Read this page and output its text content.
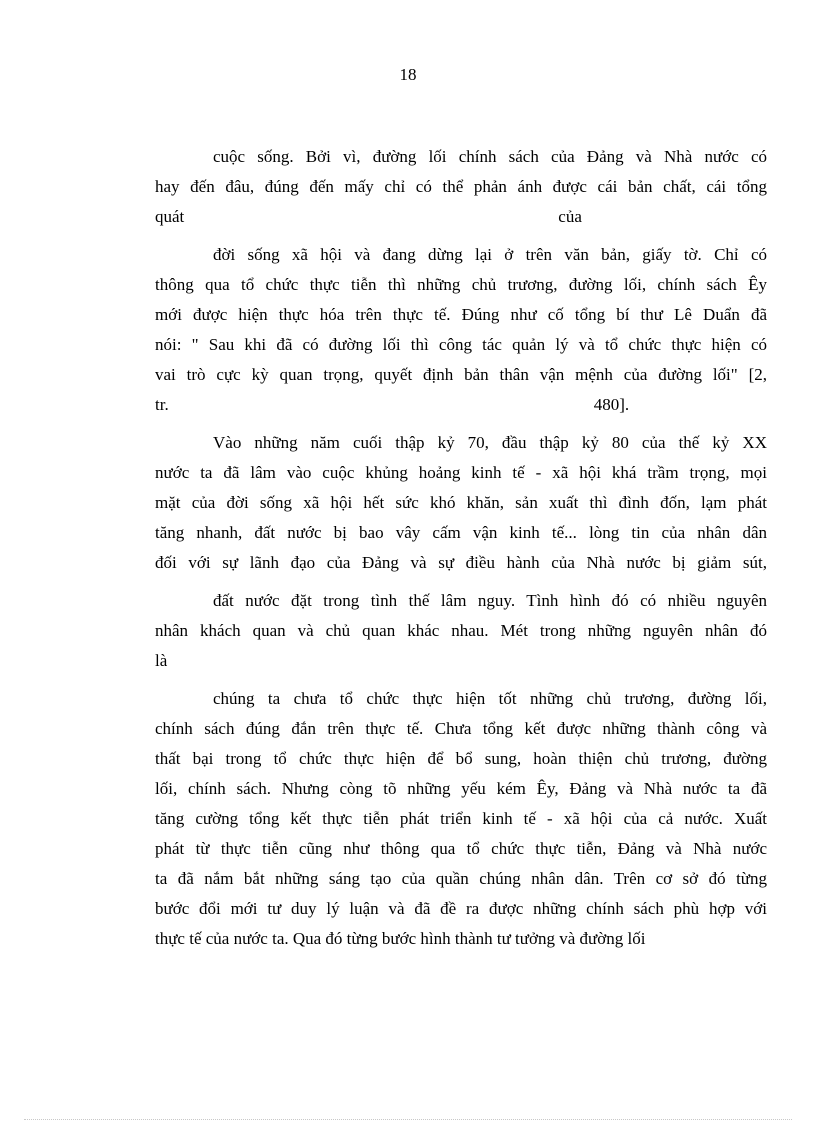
18

cuộc sống. Bởi vì, đường lối chính sách của Đảng và Nhà nước có
hay đến đâu, đúng đến mấy chỉ có thể phản ánh được cái bản chất, cái tổng
quát                                                                                        của

đời sống xã hội và đang dừng lại ở trên văn bản, giấy tờ. Chỉ có
thông qua tổ chức thực tiễn thì những chủ trương, đường lối, chính sách Êy
mới được hiện thực hóa trên thực tế. Đúng như cố tổng bí thư Lê Duẩn đã
nói: " Sau khi đã có đường lối thì công tác quản lý và tổ chức thực hiện có
vai trò cực kỳ quan trọng, quyết định bản thân vận mệnh của đường lối" [2,
tr.                                                                                                    480].

Vào những năm cuối thập kỷ 70, đầu thập kỷ 80 của thế kỷ XX
nước ta đã lâm vào cuộc khủng hoảng kinh tế - xã hội khá trầm trọng, mọi
mặt của đời sống xã hội hết sức khó khăn, sản xuất thì đình đốn, lạm phát
tăng nhanh, đất nước bị bao vây cấm vận kinh tế... lòng tin của nhân dân
đối với sự lãnh đạo của Đảng và sự điều hành của Nhà nước bị giảm sút,

đất nước đặt trong tình thế lâm nguy. Tình hình đó có nhiều nguyên
nhân khách quan và chủ quan khác nhau. Mét trong những nguyên nhân đó
là

chúng ta chưa tổ chức thực hiện tốt những chủ trương, đường lối,
chính sách đúng đắn trên thực tế. Chưa tổng kết được những thành công và
thất bại trong tổ chức thực hiện để bổ sung, hoàn thiện chủ trương, đường
lối, chính sách. Nhưng còng tõ những yếu kém Êy, Đảng và Nhà nước ta đã
tăng cường tổng kết thực tiễn phát triển kinh tế - xã hội của cả nước. Xuất
phát từ thực tiễn cũng như thông qua tổ chức thực tiễn, Đảng và Nhà nước
ta đã nắm bắt những sáng tạo của quần chúng nhân dân. Trên cơ sở đó từng
bước đổi mới tư duy lý luận và đã đề ra được những chính sách phù hợp với
thực tế của nước ta. Qua đó từng bước hình thành tư tưởng và đường lối
